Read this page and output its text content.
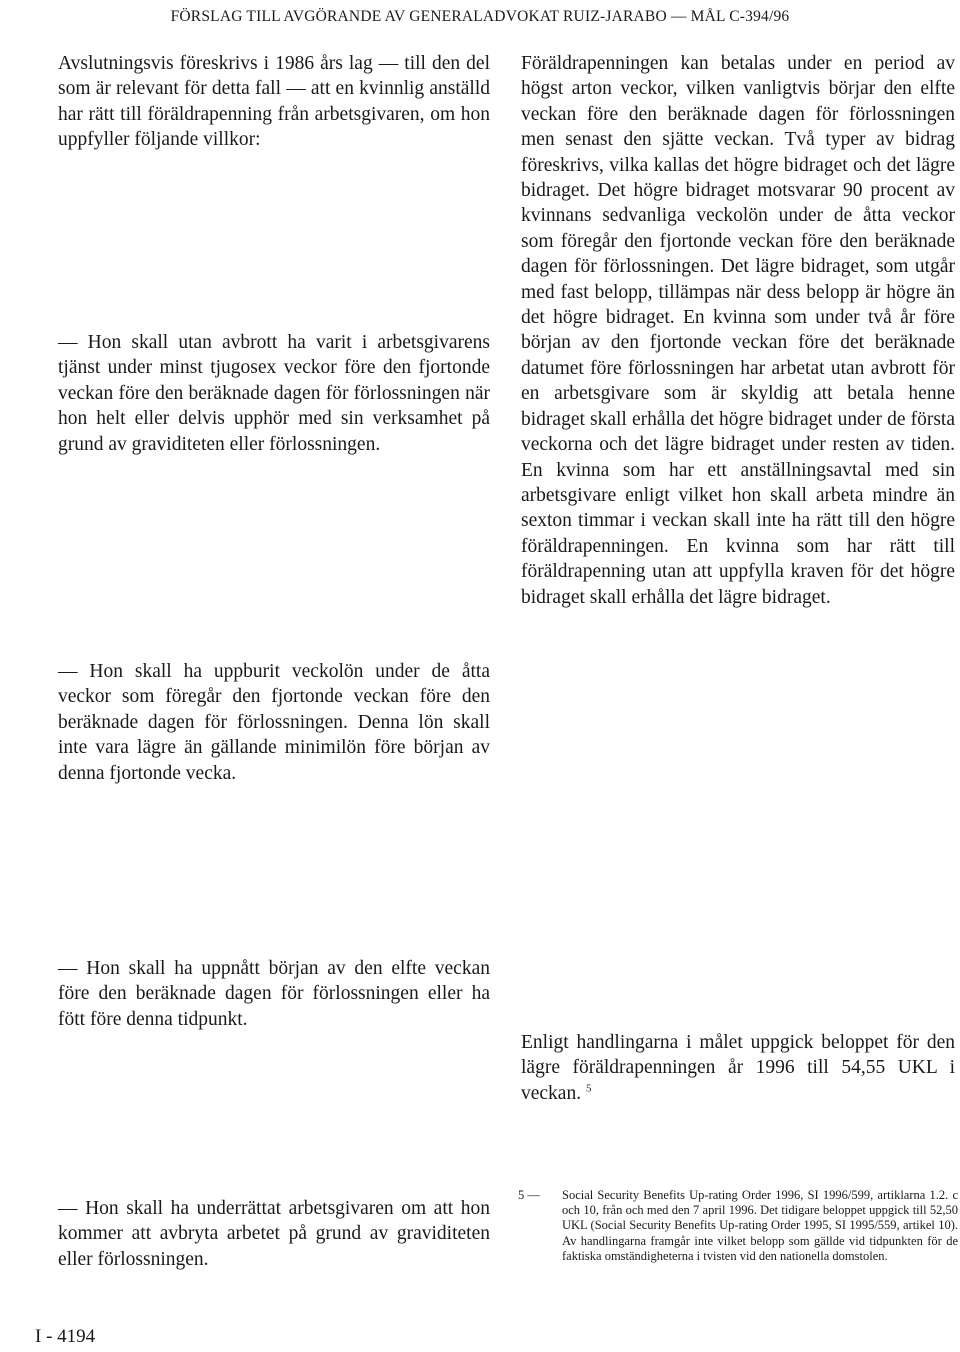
FÖRSLAG TILL AVGÖRANDE AV GENERALADVOKAT RUIZ-JARABO — MÅL C-394/96

Avslutningsvis föreskrivs i 1986 års lag — till den del som är relevant för detta fall — att en kvinnlig anställd har rätt till föräldrapenning från arbetsgivaren, om hon uppfyller följande villkor:

— Hon skall utan avbrott ha varit i arbetsgivarens tjänst under minst tjugosex veckor före den fjortonde veckan före den beräknade dagen för förlossningen när hon helt eller delvis upphör med sin verksamhet på grund av graviditeten eller förlossningen.

— Hon skall ha uppburit veckolön under de åtta veckor som föregår den fjortonde veckan före den beräknade dagen för förlossningen. Denna lön skall inte vara lägre än gällande minimilön före början av denna fjortonde vecka.

— Hon skall ha uppnått början av den elfte veckan före den beräknade dagen för förlossningen eller ha fött före denna tidpunkt.

— Hon skall ha underrättat arbetsgivaren om att hon kommer att avbryta arbetet på grund av graviditeten eller förlossningen.

Föräldrapenningen kan betalas under en period av högst arton veckor, vilken vanligtvis börjar den elfte veckan före den beräknade dagen för förlossningen men senast den sjätte veckan. Två typer av bidrag föreskrivs, vilka kallas det högre bidraget och det lägre bidraget. Det högre bidraget motsvarar 90 procent av kvinnans sedvanliga veckolön under de åtta veckor som föregår den fjortonde veckan före den beräknade dagen för förlossningen. Det lägre bidraget, som utgår med fast belopp, tillämpas när dess belopp är högre än det högre bidraget. En kvinna som under två år före början av den fjortonde veckan före det beräknade datumet före förlossningen har arbetat utan avbrott för en arbetsgivare som är skyldig att betala henne bidraget skall erhålla det högre bidraget under de första veckorna och det lägre bidraget under resten av tiden. En kvinna som har ett anställningsavtal med sin arbetsgivare enligt vilket hon skall arbeta mindre än sexton timmar i veckan skall inte ha rätt till den högre föräldrapenningen. En kvinna som har rätt till föräldrapenning utan att uppfylla kraven för det högre bidraget skall erhålla det lägre bidraget.

Enligt handlingarna i målet uppgick beloppet för den lägre föräldrapenningen år 1996 till 54,55 UKL i veckan. $^5$

5 —	Social Security Benefits Up-rating Order 1996, SI 1996/599, artiklarna 1.2. c och 10, från och med den 7 april 1996. Det tidigare beloppet uppgick till 52,50 UKL (Social Security Benefits Up-rating Order 1995, SI 1995/559, artikel 10). Av handlingarna framgår inte vilket belopp som gällde vid tidpunkten för de faktiska omständigheterna i tvisten vid den nationella domstolen.
I - 4194
